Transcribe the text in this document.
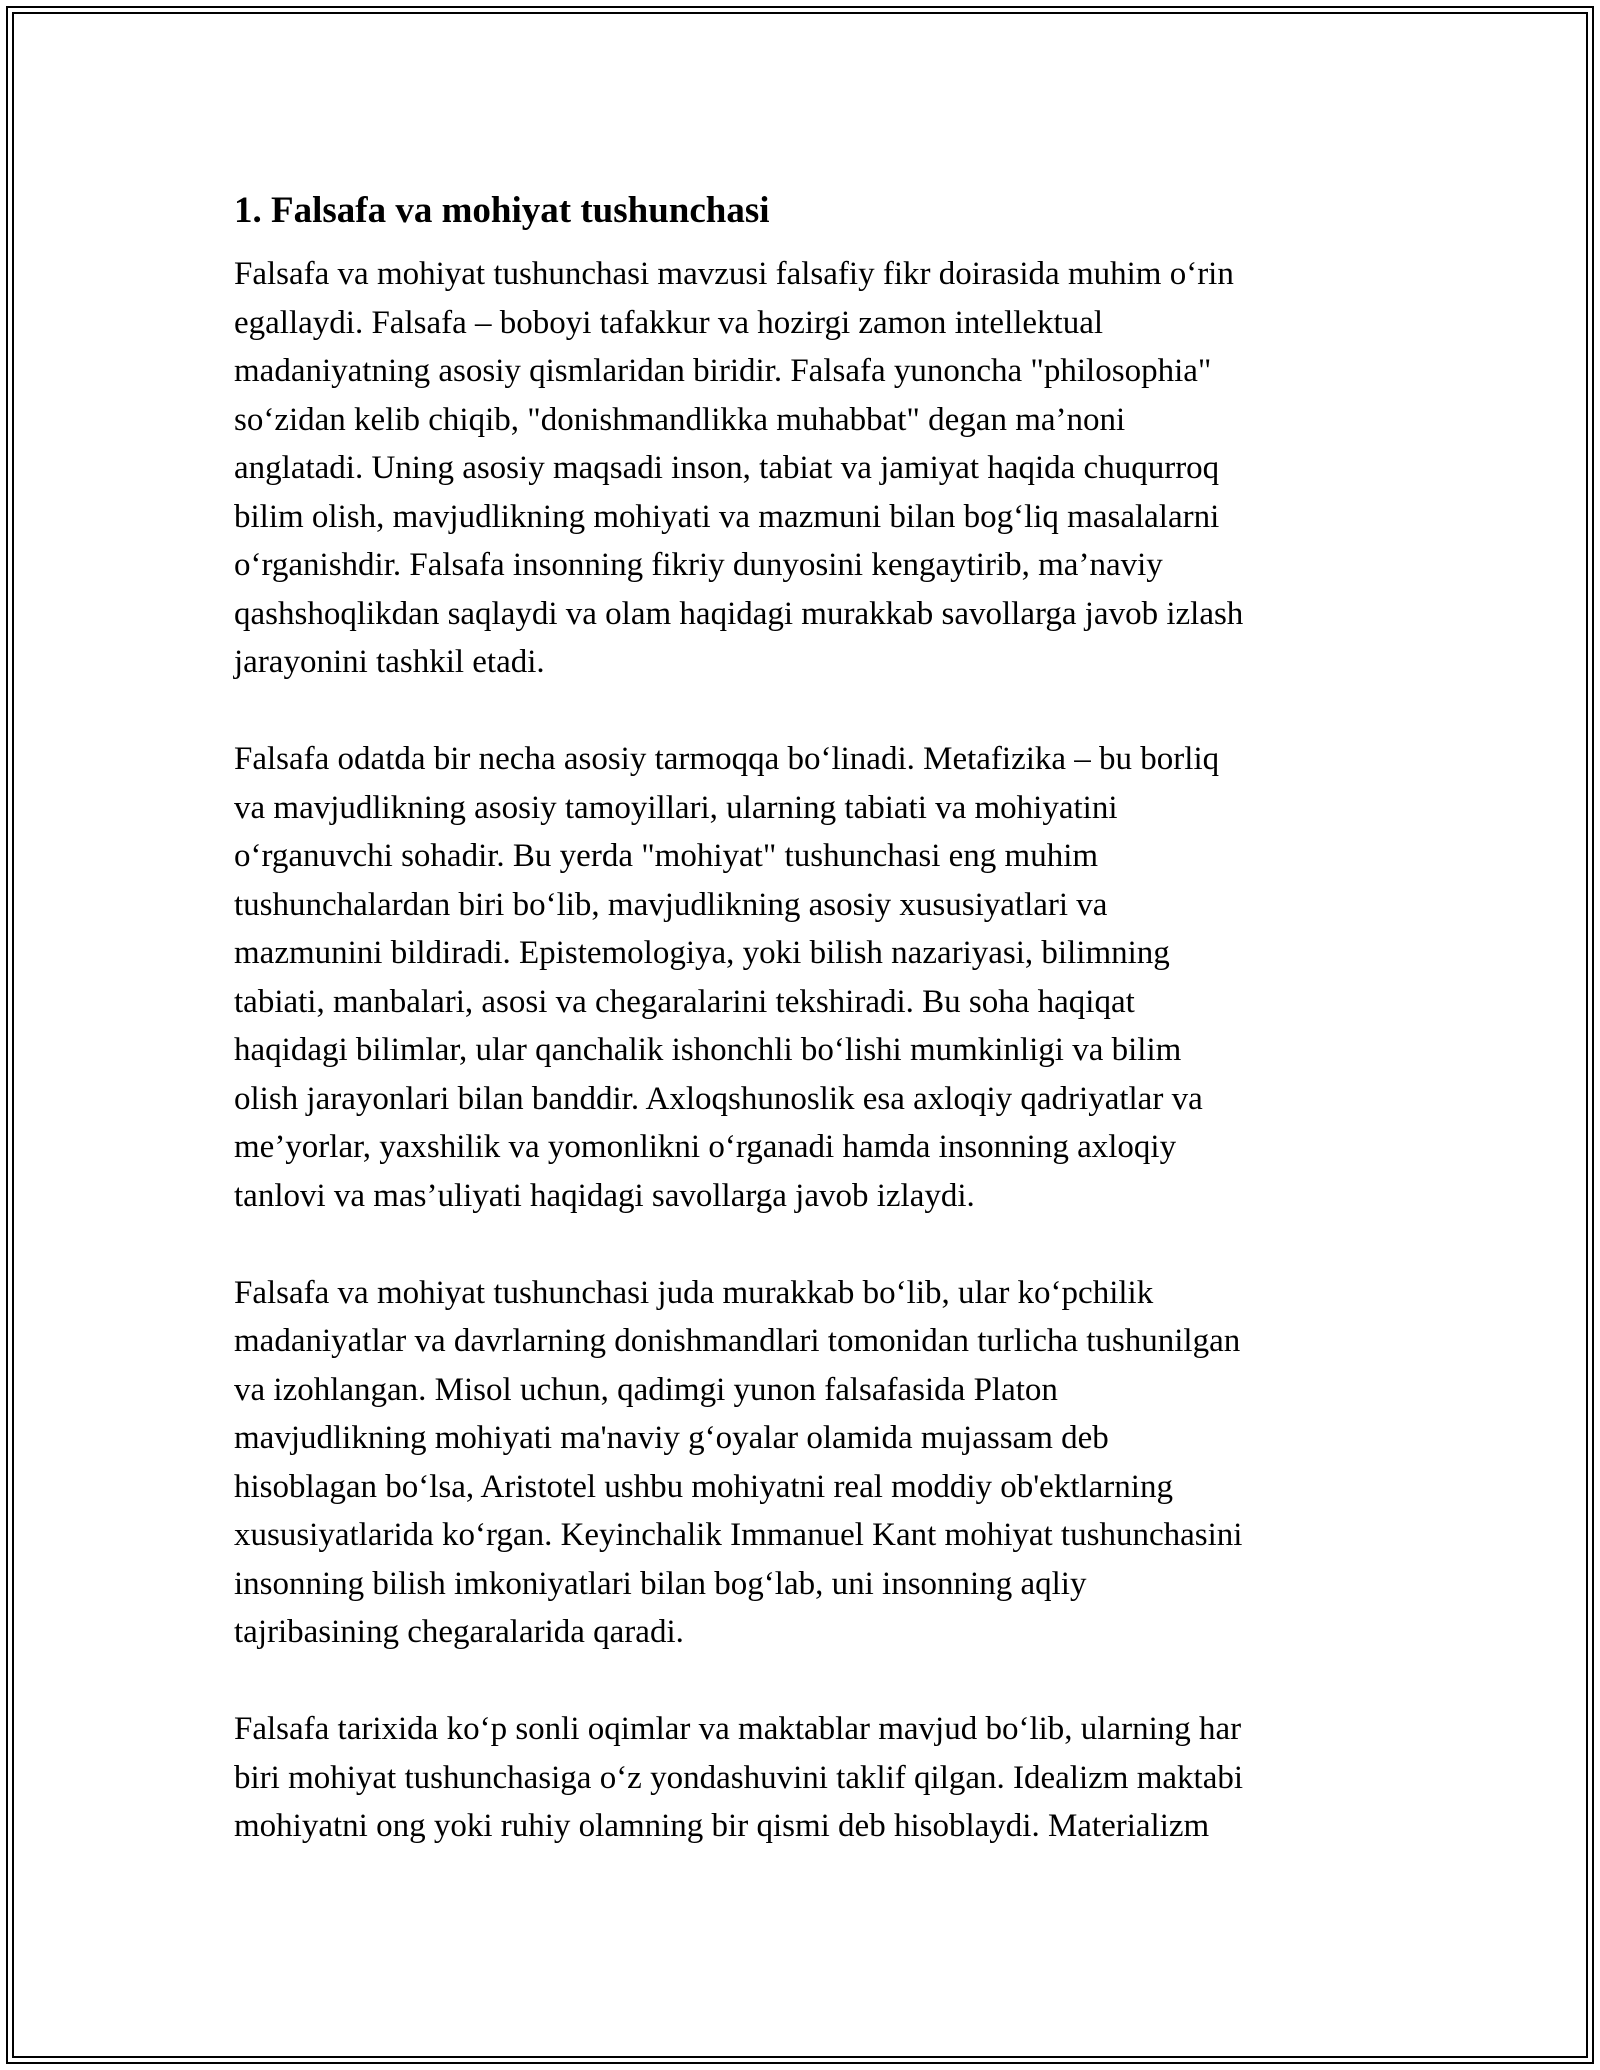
1. Falsafa va mohiyat tushunchasi

Falsafa va mohiyat tushunchasi mavzusi falsafiy fikr doirasida muhim o‘rin
egallaydi. Falsafa – boboyi tafakkur va hozirgi zamon intellektual
madaniyatning asosiy qismlaridan biridir. Falsafa yunoncha "philosophia"
so‘zidan kelib chiqib, "donishmandlikka muhabbat" degan ma’noni
anglatadi. Uning asosiy maqsadi inson, tabiat va jamiyat haqida chuqurroq
bilim olish, mavjudlikning mohiyati va mazmuni bilan bog‘liq masalalarni
o‘rganishdir. Falsafa insonning fikriy dunyosini kengaytirib, ma’naviy
qashshoqlikdan saqlaydi va olam haqidagi murakkab savollarga javob izlash
jarayonini tashkil etadi.

Falsafa odatda bir necha asosiy tarmoqqa bo‘linadi. Metafizika – bu borliq
va mavjudlikning asosiy tamoyillari, ularning tabiati va mohiyatini
o‘rganuvchi sohadir. Bu yerda "mohiyat" tushunchasi eng muhim
tushunchalardan biri bo‘lib, mavjudlikning asosiy xususiyatlari va
mazmunini bildiradi. Epistemologiya, yoki bilish nazariyasi, bilimning
tabiati, manbalari, asosi va chegaralarini tekshiradi. Bu soha haqiqat
haqidagi bilimlar, ular qanchalik ishonchli bo‘lishi mumkinligi va bilim
olish jarayonlari bilan banddir. Axloqshunoslik esa axloqiy qadriyatlar va
me’yorlar, yaxshilik va yomonlikni o‘rganadi hamda insonning axloqiy
tanlovi va mas’uliyati haqidagi savollarga javob izlaydi.

Falsafa va mohiyat tushunchasi juda murakkab bo‘lib, ular ko‘pchilik
madaniyatlar va davrlarning donishmandlari tomonidan turlicha tushunilgan
va izohlangan. Misol uchun, qadimgi yunon falsafasida Platon
mavjudlikning mohiyati ma'naviy g‘oyalar olamida mujassam deb
hisoblagan bo‘lsa, Aristotel ushbu mohiyatni real moddiy ob'ektlarning
xususiyatlarida ko‘rgan. Keyinchalik Immanuel Kant mohiyat tushunchasini
insonning bilish imkoniyatlari bilan bog‘lab, uni insonning aqliy
tajribasining chegaralarida qaradi.

Falsafa tarixida ko‘p sonli oqimlar va maktablar mavjud bo‘lib, ularning har
biri mohiyat tushunchasiga o‘z yondashuvini taklif qilgan. Idealizm maktabi
mohiyatni ong yoki ruhiy olamning bir qismi deb hisoblaydi. Materializm
